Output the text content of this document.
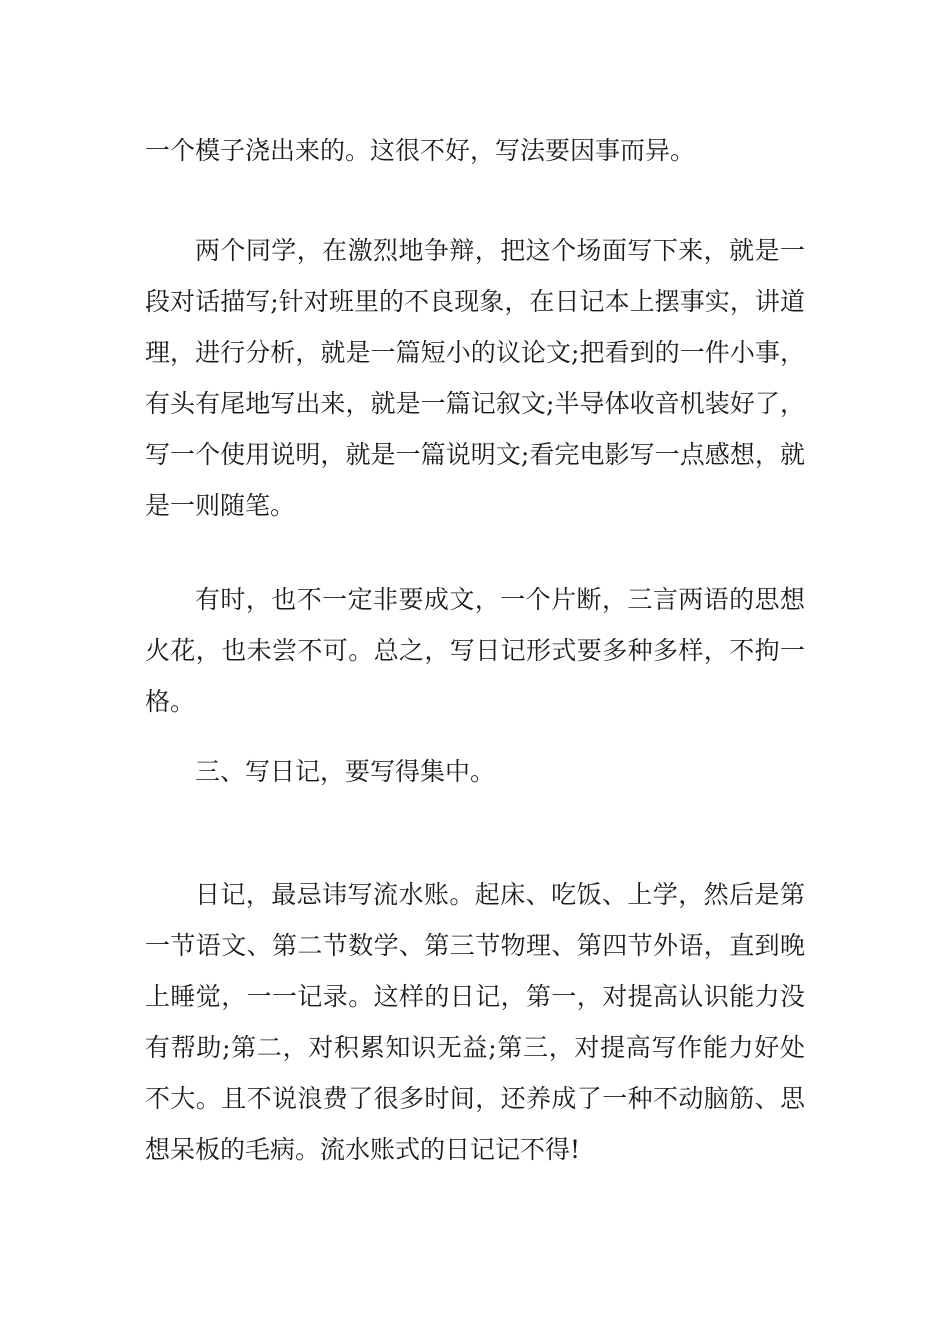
一个模子浇出来的。这很不好，写法要因事而异。

两个同学，在激烈地争辩，把这个场面写下来，就是一段对话描写;针对班里的不良现象，在日记本上摆事实，讲道理，进行分析，就是一篇短小的议论文;把看到的一件小事，有头有尾地写出来，就是一篇记叙文;半导体收音机装好了，写一个使用说明，就是一篇说明文;看完电影写一点感想，就是一则随笔。

有时，也不一定非要成文，一个片断，三言两语的思想火花，也未尝不可。总之，写日记形式要多种多样，不拘一格。

三、写日记，要写得集中。

日记，最忌讳写流水账。起床、吃饭、上学，然后是第一节语文、第二节数学、第三节物理、第四节外语，直到晚上睡觉，一一记录。这样的日记，第一，对提高认识能力没有帮助;第二，对积累知识无益;第三，对提高写作能力好处不大。且不说浪费了很多时间，还养成了一种不动脑筋、思想呆板的毛病。流水账式的日记记不得!
